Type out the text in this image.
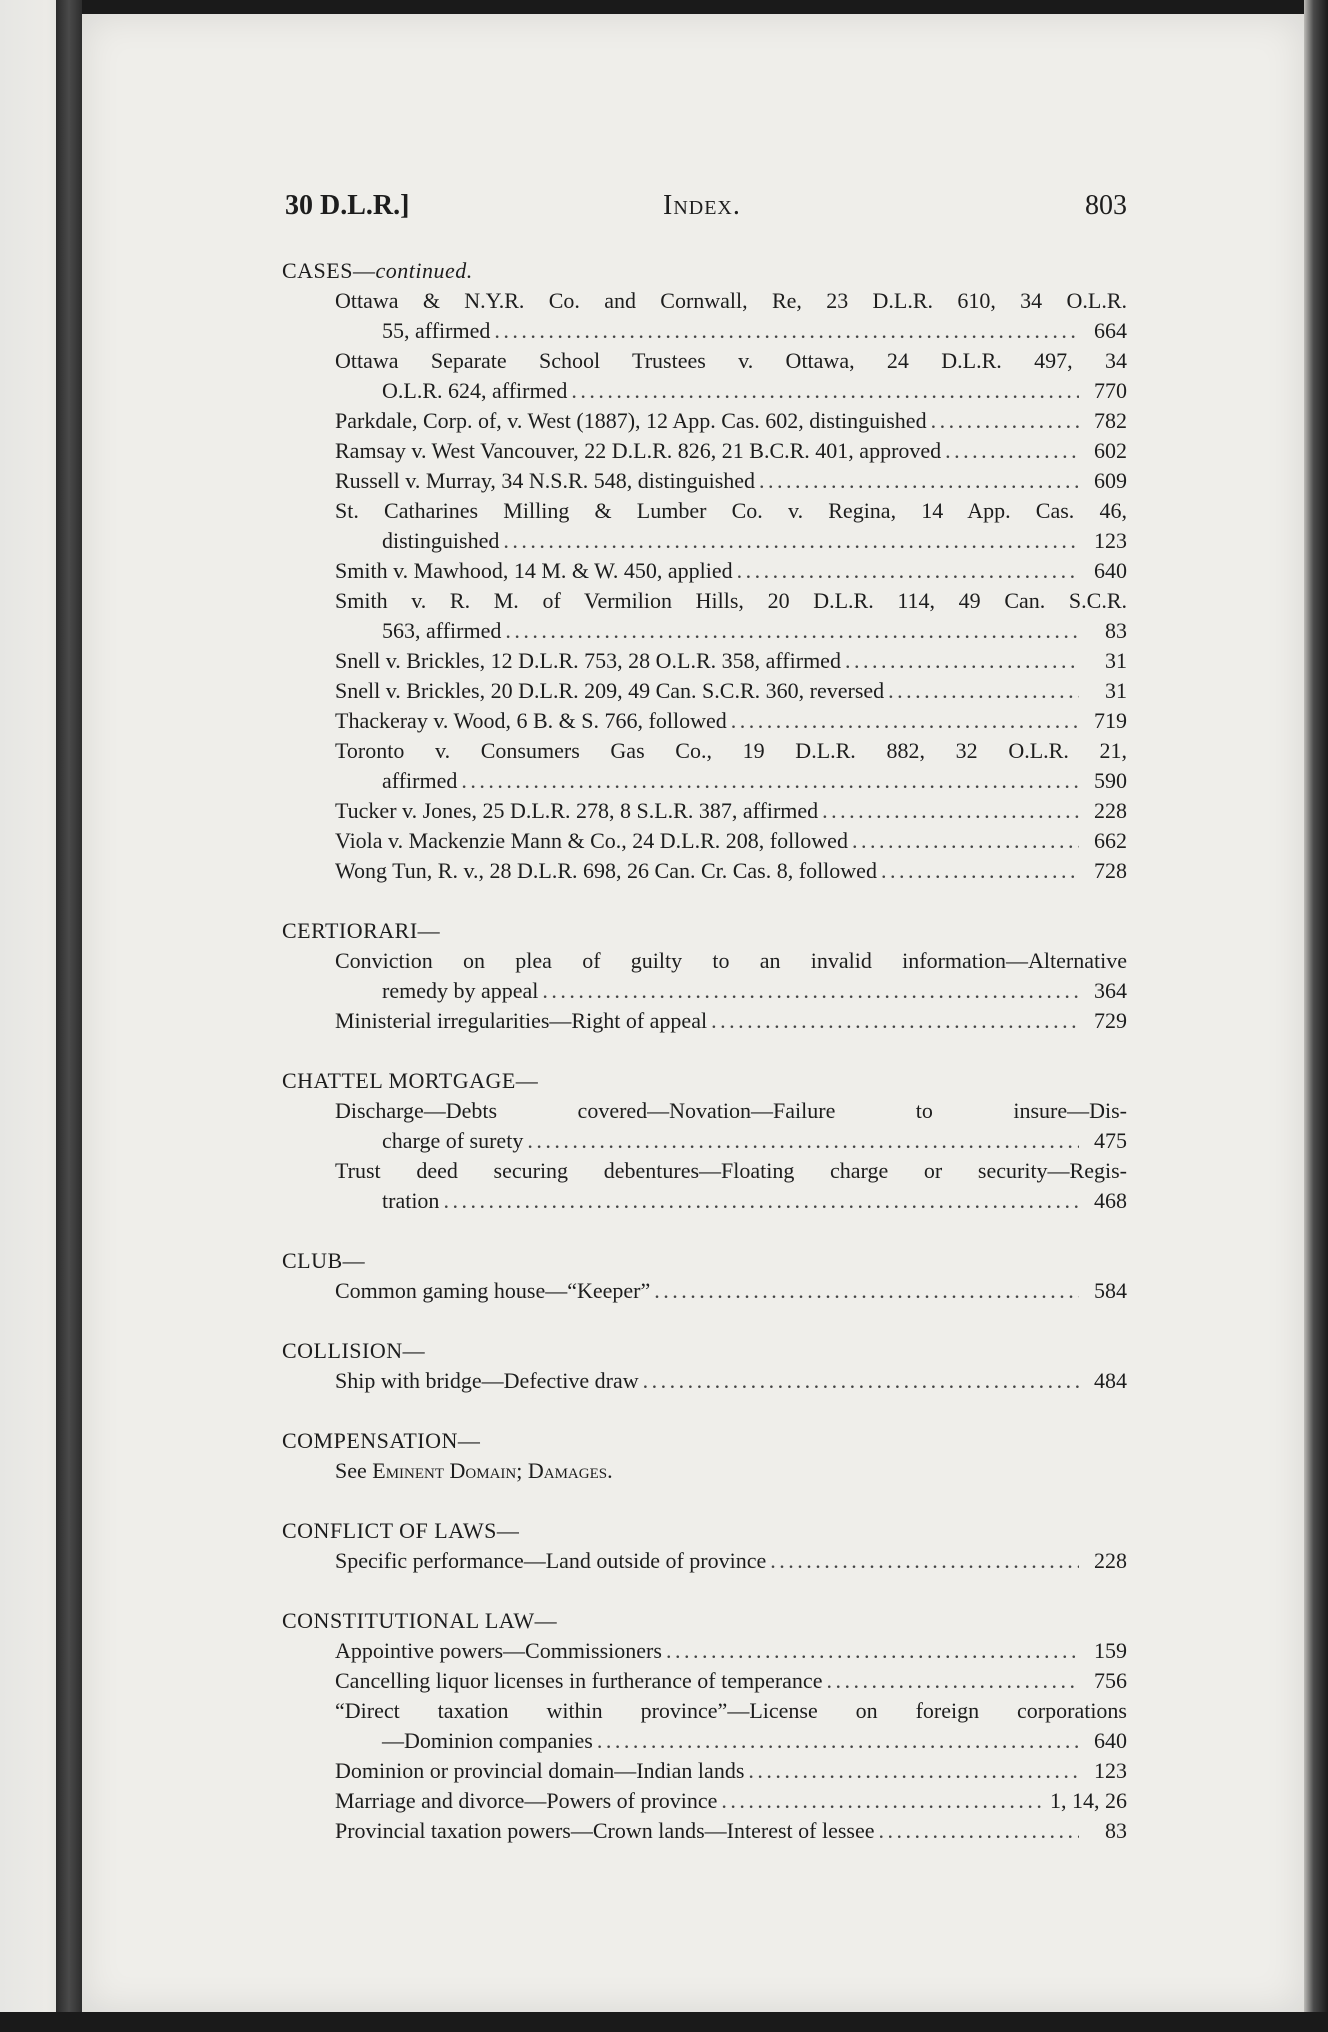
30 D.L.R.]	Index.	803
CASES—continued.
Ottawa & N.Y.R. Co. and Cornwall, Re, 23 D.L.R. 610, 34 O.L.R.
55, affirmed . . .	664
Ottawa Separate School Trustees v. Ottawa, 24 D.L.R. 497, 34
O.L.R. 624, affirmed . . .	770
Parkdale, Corp. of, v. West (1887), 12 App. Cas. 602, distinguished . . .	782
Ramsay v. West Vancouver, 22 D.L.R. 826, 21 B.C.R. 401, approved . . .	602
Russell v. Murray, 34 N.S.R. 548, distinguished . . .	609
St. Catharines Milling & Lumber Co. v. Regina, 14 App. Cas. 46,
distinguished . . .	123
Smith v. Mawhood, 14 M. & W. 450, applied . . .	640
Smith v. R. M. of Vermilion Hills, 20 D.L.R. 114, 49 Can. S.C.R.
563, affirmed . . .	83
Snell v. Brickles, 12 D.L.R. 753, 28 O.L.R. 358, affirmed . . .	31
Snell v. Brickles, 20 D.L.R. 209, 49 Can. S.C.R. 360, reversed . . .	31
Thackeray v. Wood, 6 B. & S. 766, followed . . .	719
Toronto v. Consumers Gas Co., 19 D.L.R. 882, 32 O.L.R. 21,
affirmed . . .	590
Tucker v. Jones, 25 D.L.R. 278, 8 S.L.R. 387, affirmed . . .	228
Viola v. Mackenzie Mann & Co., 24 D.L.R. 208, followed . . .	662
Wong Tun, R. v., 28 D.L.R. 698, 26 Can. Cr. Cas. 8, followed . . .	728
CERTIORARI—
Conviction on plea of guilty to an invalid information—Alternative
remedy by appeal . . .	364
Ministerial irregularities—Right of appeal . . .	729
CHATTEL MORTGAGE—
Discharge—Debts covered—Novation—Failure to insure—Dis-
charge of surety . . .	475
Trust deed securing debentures—Floating charge or security—Regis-
tration . . .	468
CLUB—
Common gaming house—“Keeper” . . .	584
COLLISION—
Ship with bridge—Defective draw . . .	484
COMPENSATION—
See Eminent Domain; Damages.
CONFLICT OF LAWS—
Specific performance—Land outside of province . . .	228
CONSTITUTIONAL LAW—
Appointive powers—Commissioners . . .	159
Cancelling liquor licenses in furtherance of temperance . . .	756
“Direct taxation within province”—License on foreign corporations
—Dominion companies . . .	640
Dominion or provincial domain—Indian lands . . .	123
Marriage and divorce—Powers of province . . .	1, 14, 26
Provincial taxation powers—Crown lands—Interest of lessee . . .	83
